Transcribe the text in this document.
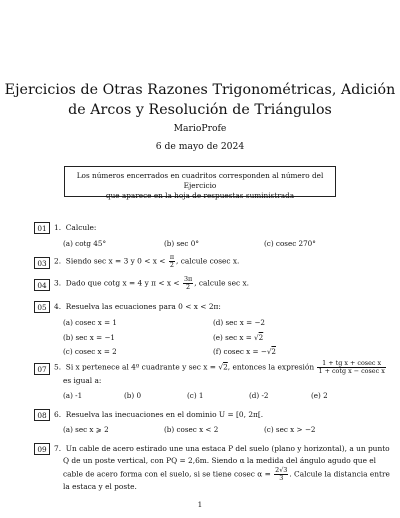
Ejercicios de Otras Razones Trigonométricas, Adición
de Arcos y Resolución de Triángulos
MarioProfe
6 de mayo de 2024
Los números encerrados en cuadritos corresponden al número del Ejercicio
que aparece en la hoja de respuestas suministrada
01 1. Calcule:
(a) cotg 45°	(b) sec 0°	(c) cosec 270°
03 2. Siendo sec x = 3 y $0 < x < \frac{\pi}{2}$ , calcule cosec x.
04 3. Dado que cotg x = 4 y $\pi < x < \frac{3\pi}{2}$ , calcule sec x.
05 4. Resuelva las ecuaciones para 0 < x < 2π:
(a) cosec x = 1
(b) sec x = −1
(c) cosec x = 2
(d) sec x = −2
(e) sec x = √2
(f) cosec x = −√2
07 5. Si x pertenece al 4º cuadrante y sec x = √2, entonces la expresión $\frac{\text{1 + tg x + cosec x}}{\text{1 + cotg x − cosec x}}$
es igual a:
(a) -1	(b) 0	(c) 1	(d) -2	(e) 2
08 6. Resuelva las inecuaciones en el dominio U = [0, 2π[.
(a) sec x ⩾ 2	(b) cosec x < 2	(c) sec x > −2
09 7. Un cable de acero estirado une una estaca P del suelo (plano y horizontal), a un punto
Q de un poste vertical, con PQ = 2,6m. Siendo α la medida del ángulo agudo que el
cable de acero forma con el suelo, si se tiene cosec $\alpha = \frac{2√3}{3}$ . Calcule la distancia entre
la estaca y el poste.
1
